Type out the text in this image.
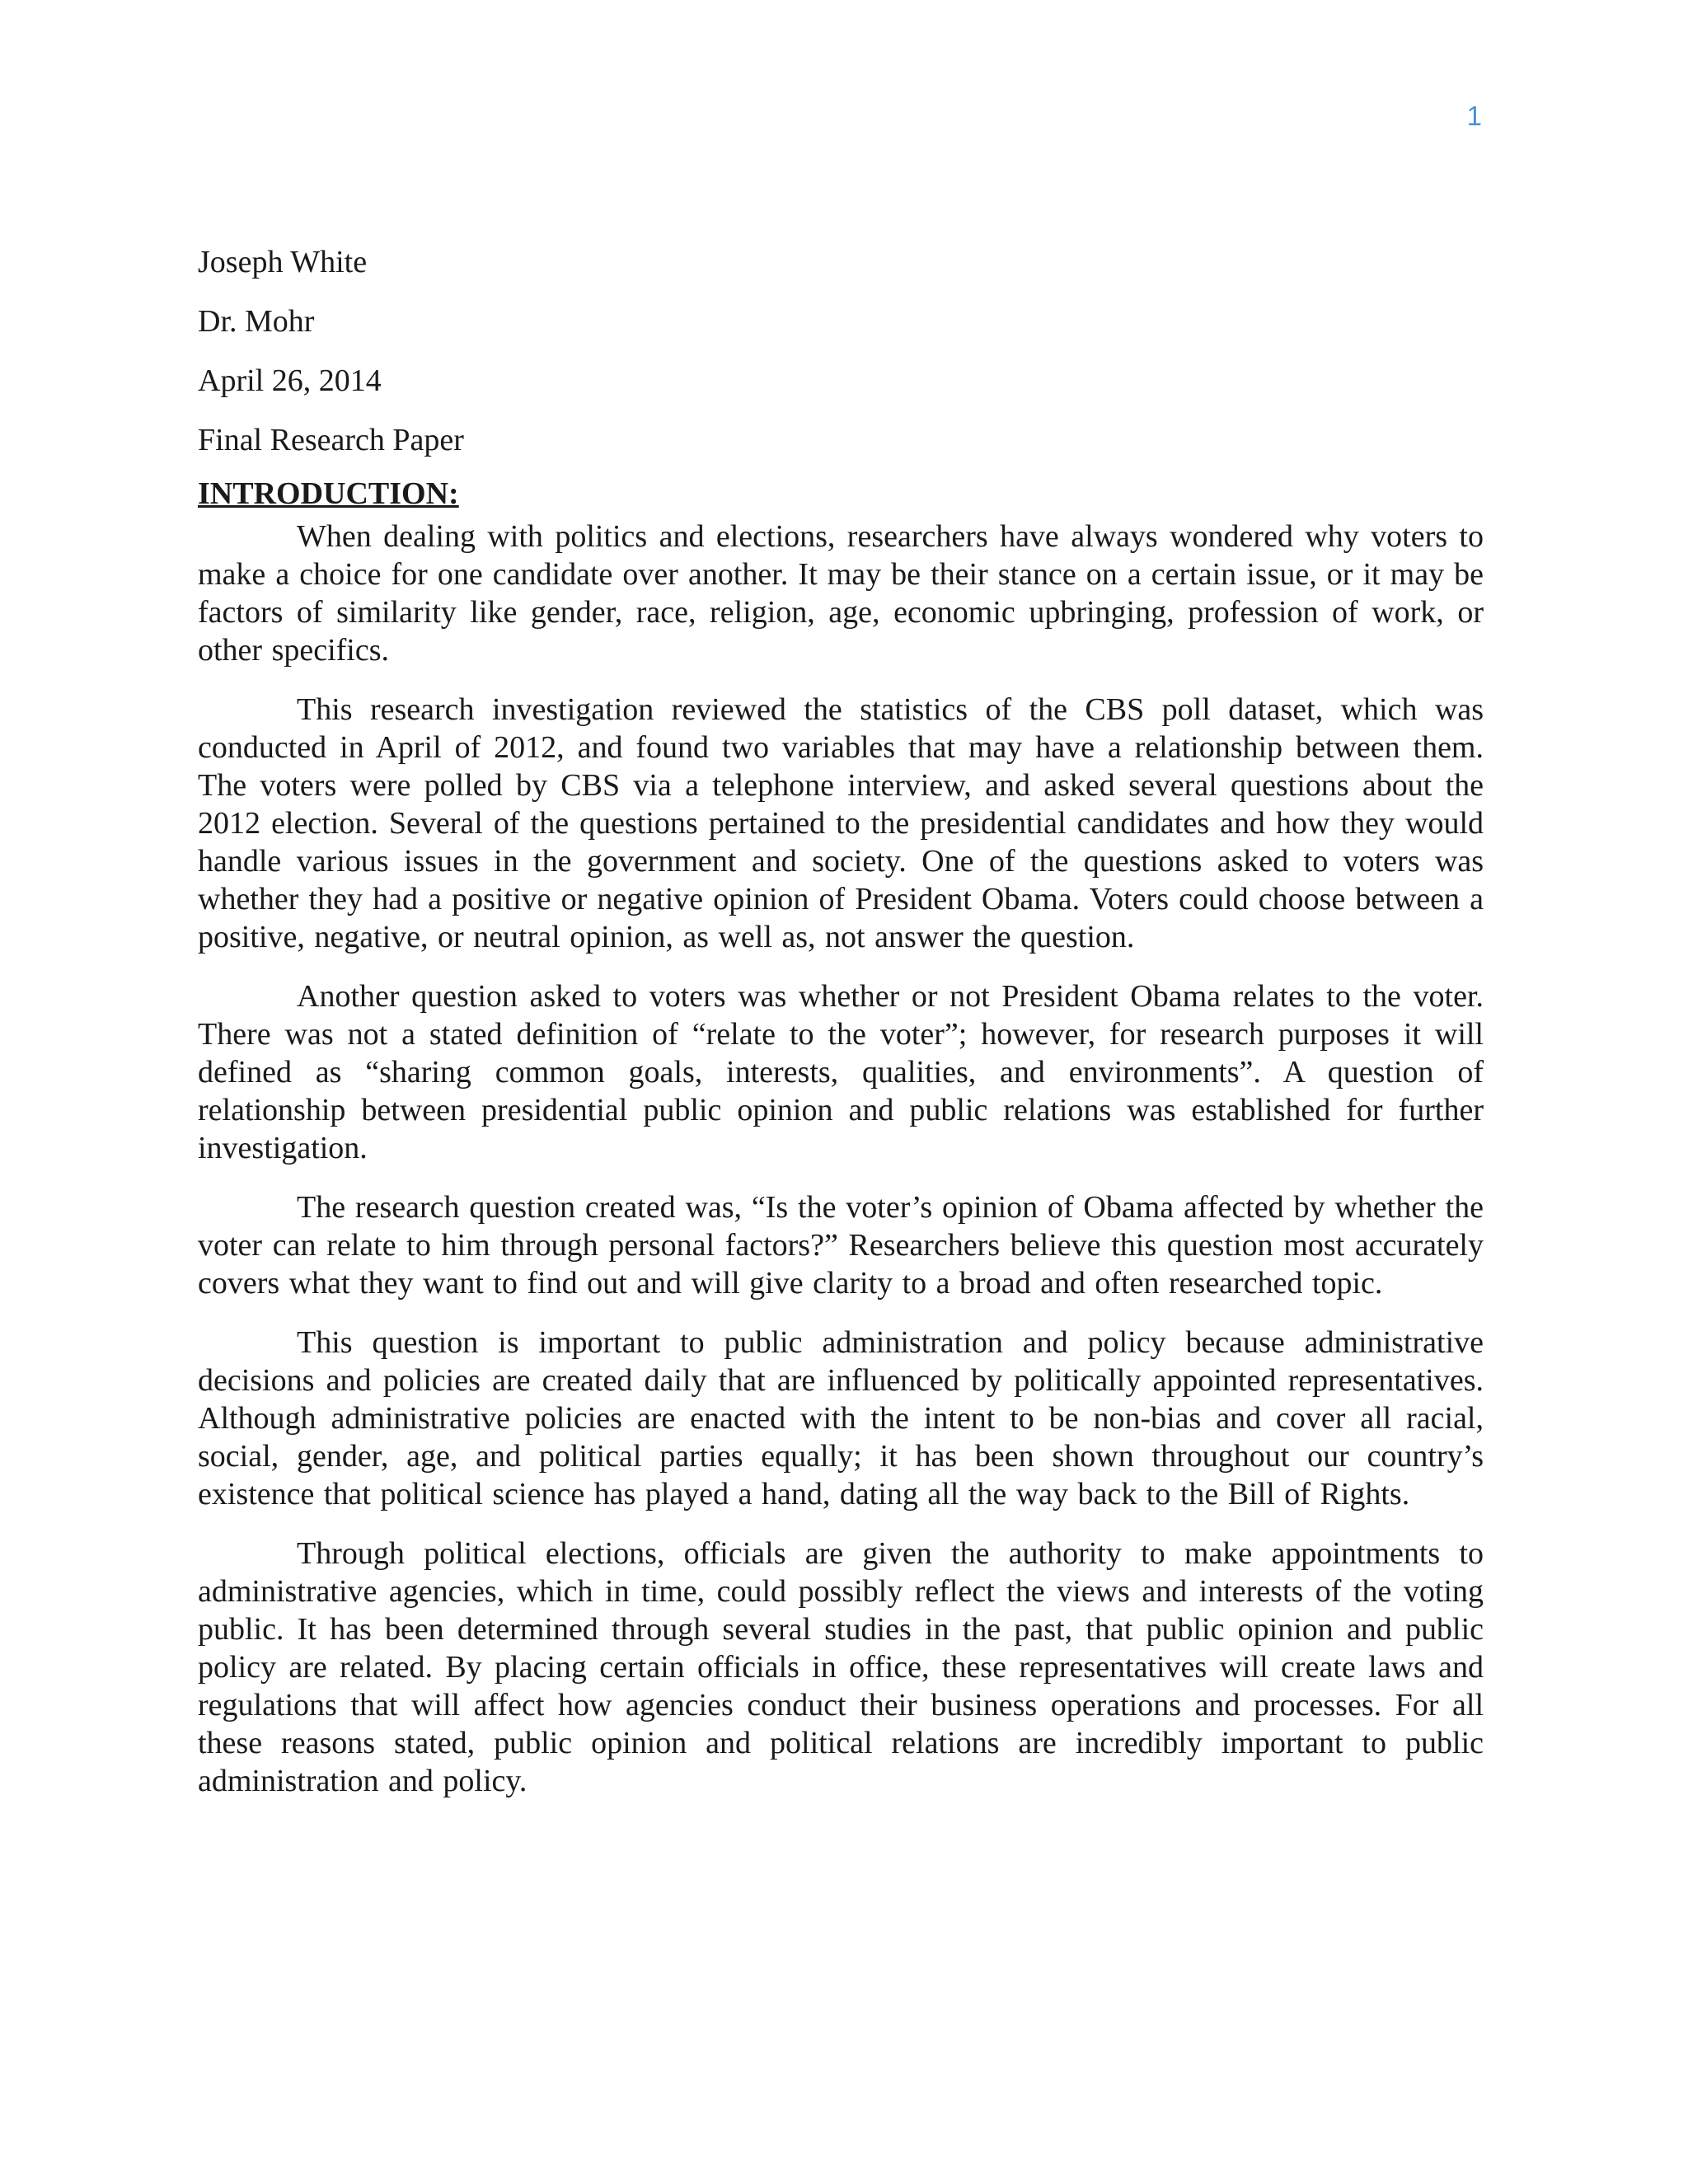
1

Joseph White

Dr. Mohr

April 26, 2014

Final Research Paper

INTRODUCTION:

When dealing with politics and elections, researchers have always wondered why voters to make a choice for one candidate over another. It may be their stance on a certain issue, or it may be factors of similarity like gender, race, religion, age, economic upbringing, profession of work, or other specifics.

This research investigation reviewed the statistics of the CBS poll dataset, which was conducted in April of 2012, and found two variables that may have a relationship between them. The voters were polled by CBS via a telephone interview, and asked several questions about the 2012 election. Several of the questions pertained to the presidential candidates and how they would handle various issues in the government and society. One of the questions asked to voters was whether they had a positive or negative opinion of President Obama. Voters could choose between a positive, negative, or neutral opinion, as well as, not answer the question.

Another question asked to voters was whether or not President Obama relates to the voter. There was not a stated definition of “relate to the voter”; however, for research purposes it will defined as “sharing common goals, interests, qualities, and environments”. A question of relationship between presidential public opinion and public relations was established for further investigation.

The research question created was, “Is the voter’s opinion of Obama affected by whether the voter can relate to him through personal factors?” Researchers believe this question most accurately covers what they want to find out and will give clarity to a broad and often researched topic.

This question is important to public administration and policy because administrative decisions and policies are created daily that are influenced by politically appointed representatives. Although administrative policies are enacted with the intent to be non-bias and cover all racial, social, gender, age, and political parties equally; it has been shown throughout our country’s existence that political science has played a hand, dating all the way back to the Bill of Rights.

Through political elections, officials are given the authority to make appointments to administrative agencies, which in time, could possibly reflect the views and interests of the voting public. It has been determined through several studies in the past, that public opinion and public policy are related. By placing certain officials in office, these representatives will create laws and regulations that will affect how agencies conduct their business operations and processes. For all these reasons stated, public opinion and political relations are incredibly important to public administration and policy.
